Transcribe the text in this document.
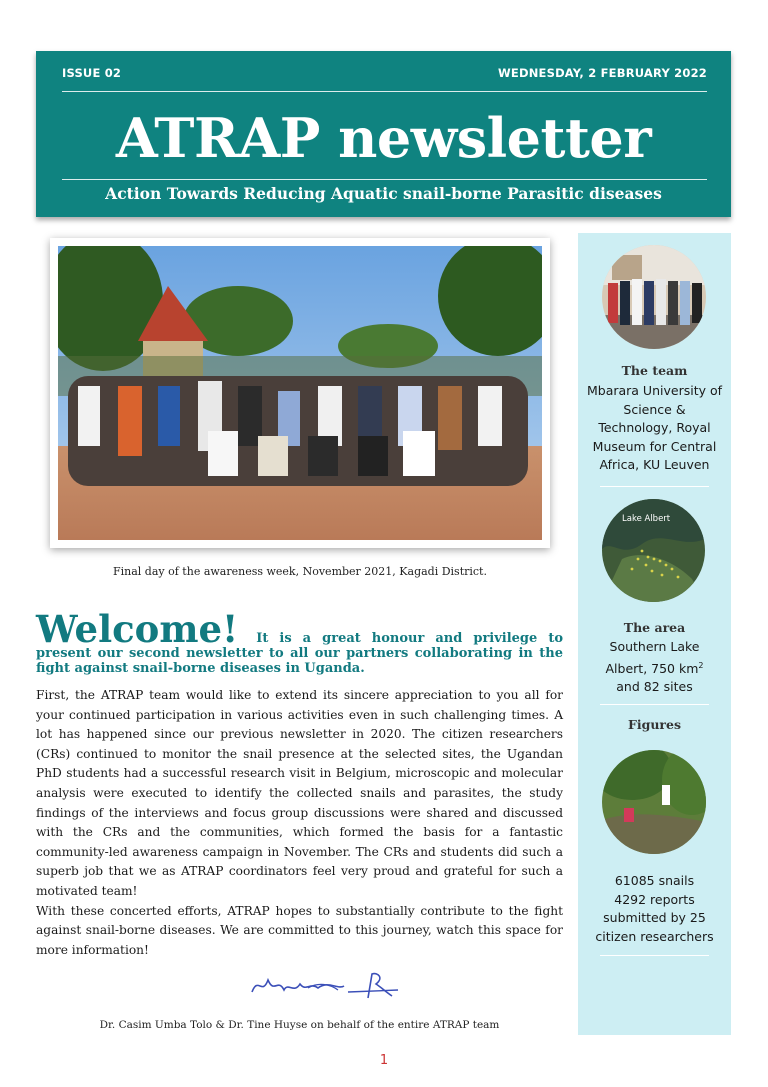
ISSUE 02	WEDNESDAY, 2 FEBRUARY 2022
ATRAP newsletter
Action Towards Reducing Aquatic snail-borne Parasitic diseases
Final day of the awareness week, November 2021, Kagadi District.
Welcome! It is a great honour and privilege to present our second newsletter to all our partners collaborating in the fight against snail-borne diseases in Uganda.

First, the ATRAP team would like to extend its sincere appreciation to you all for your continued participation in various activities even in such challenging times. A lot has happened since our previous newsletter in 2020. The citizen researchers (CRs) continued to monitor the snail presence at the selected sites, the Ugandan PhD students had a successful research visit in Belgium, microscopic and molecular analysis were executed to identify the collected snails and parasites, the study findings of the interviews and focus group discussions were shared and discussed with the CRs and the communities, which formed the basis for a fantastic community-led awareness campaign in November. The CRs and students did such a superb job that we as ATRAP coordinators feel very proud and grateful for such a motivated team!

With these concerted efforts, ATRAP hopes to substantially contribute to the fight against snail-borne diseases. We are committed to this journey, watch this space for more information!

Dr. Casim Umba Tolo & Dr. Tine Huyse on behalf of the entire ATRAP team
1
The team
Mbarara University of Science & Technology, Royal Museum for Central Africa, KU Leuven
Lake Albert
The area
Southern Lake
Albert, 750 $km^2$
and 82 sites
Figures
61085 snails
4292 reports
submitted by 25
citizen researchers
